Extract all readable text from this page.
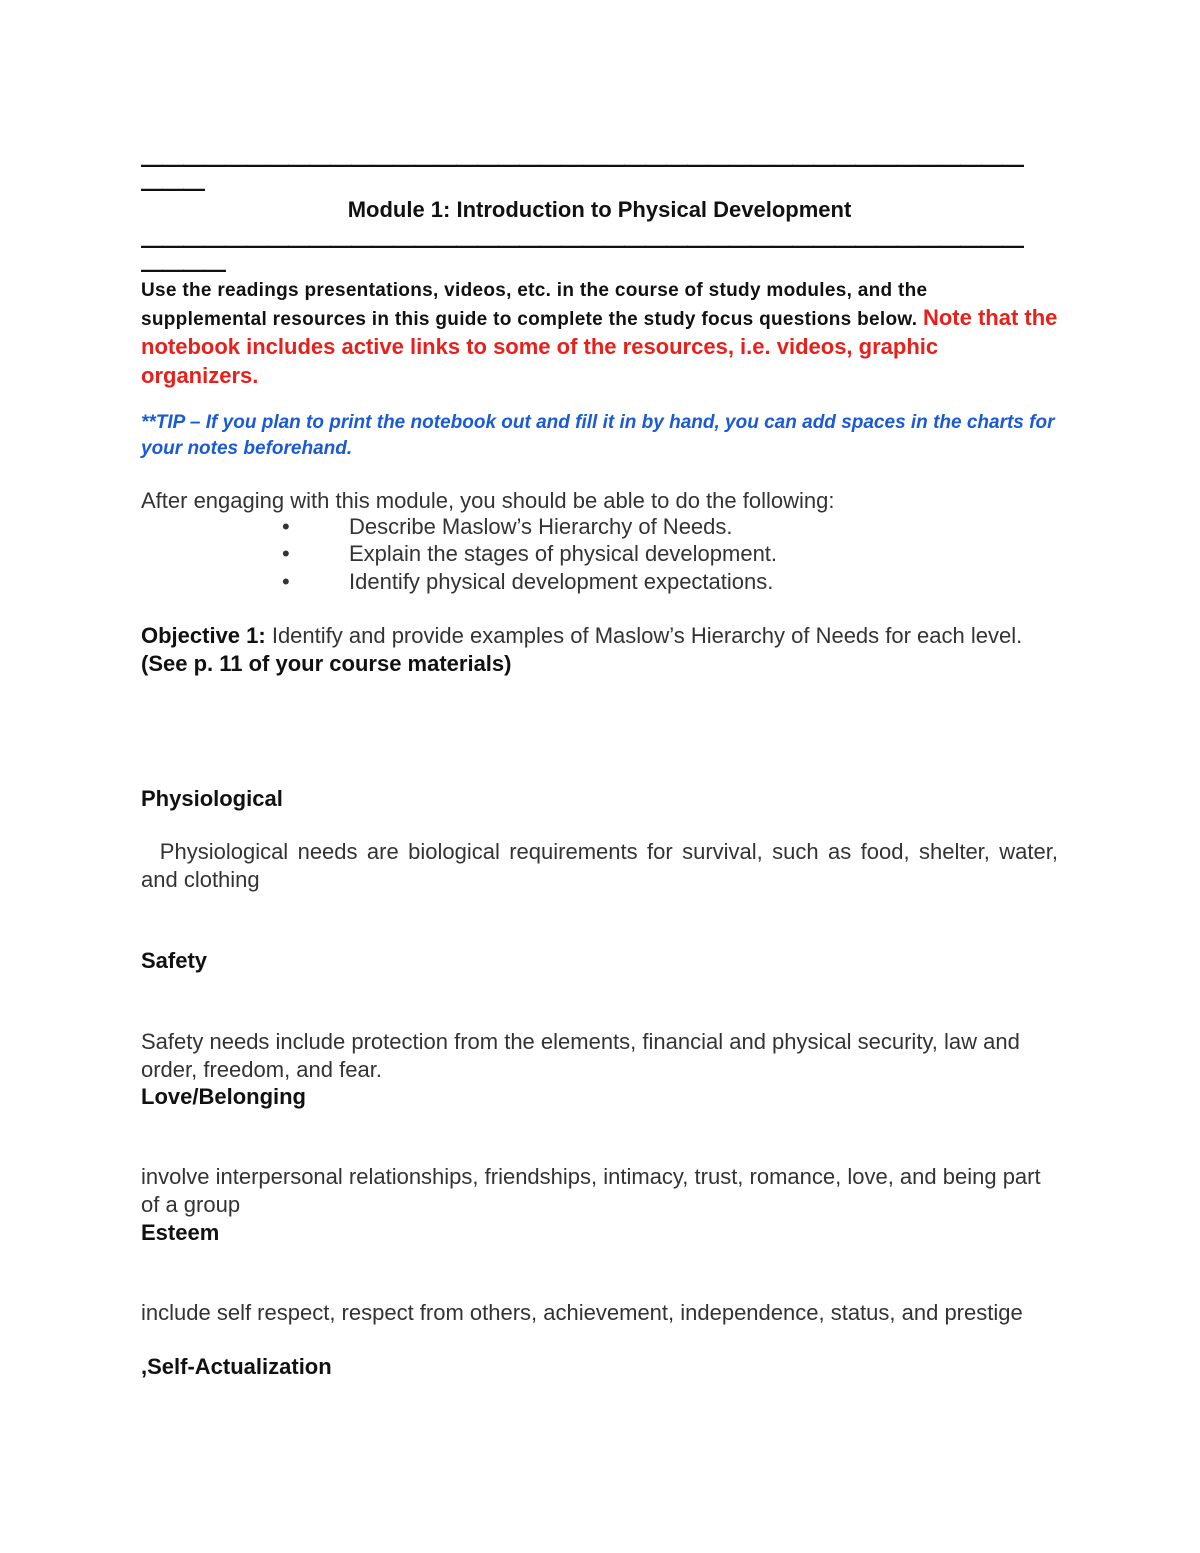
——————————————————————————————————————————
———
Module 1: Introduction to Physical Development
——————————————————————————————————————————
————

Use the readings presentations, videos, etc. in the course of study modules, and the supplemental resources in this guide to complete the study focus questions below. Note that the notebook includes active links to some of the resources, i.e. videos, graphic organizers.

**TIP – If you plan to print the notebook out and fill it in by hand, you can add spaces in the charts for your notes beforehand.

After engaging with this module, you should be able to do the following:
•	Describe Maslow’s Hierarchy of Needs.
•	Explain the stages of physical development.
•	Identify physical development expectations.

Objective 1: Identify and provide examples of Maslow’s Hierarchy of Needs for each level. (See p. 11 of your course materials)

Physiological

Physiological needs are biological requirements for survival, such as food, shelter, water, and clothing

Safety

Safety needs include protection from the elements, financial and physical security, law and order, freedom, and fear.

Love/Belonging

involve interpersonal relationships, friendships, intimacy, trust, romance, love, and being part of a group

Esteem

include self respect, respect from others, achievement, independence, status, and prestige

,Self-Actualization
